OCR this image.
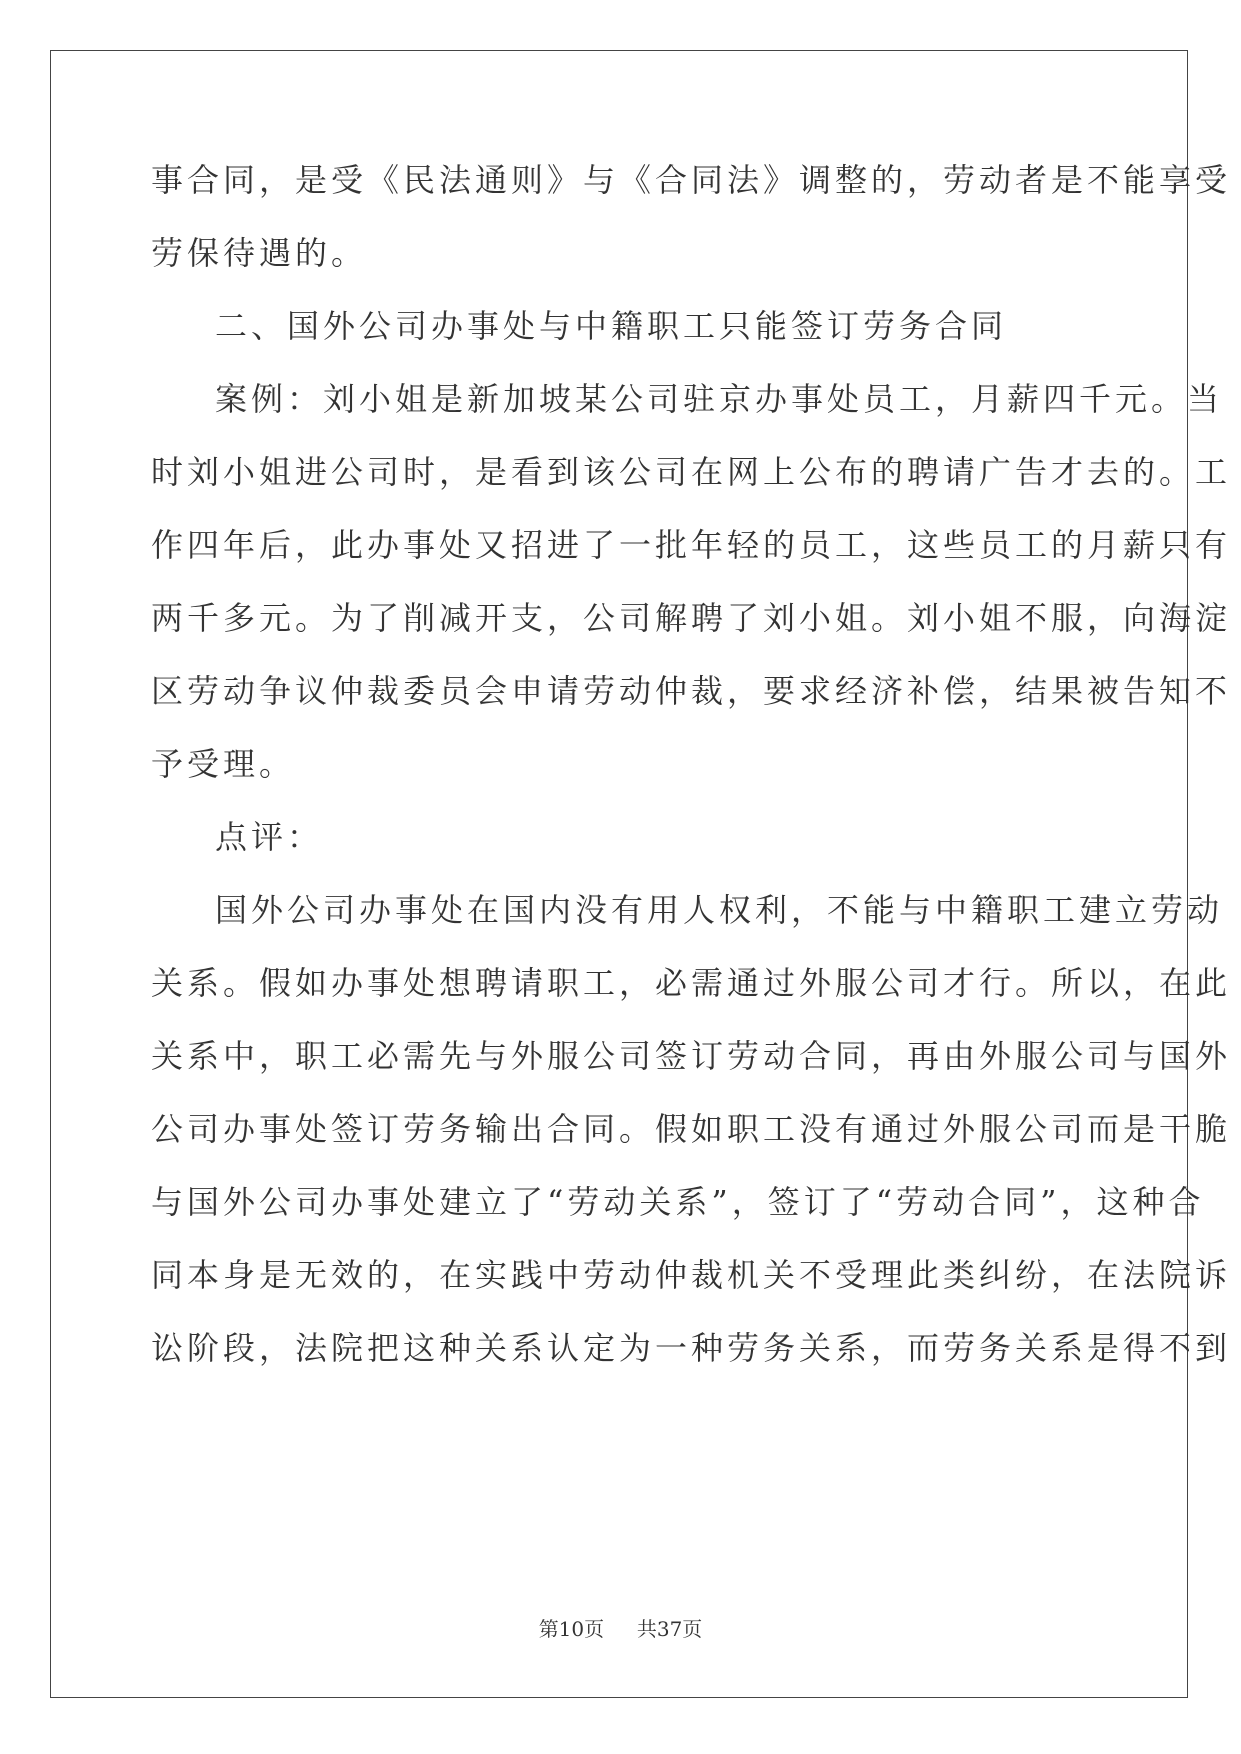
事合同，是受《民法通则》与《合同法》调整的，劳动者是不能享受
劳保待遇的。
二、国外公司办事处与中籍职工只能签订劳务合同
案例：刘小姐是新加坡某公司驻京办事处员工，月薪四千元。当
时刘小姐进公司时，是看到该公司在网上公布的聘请广告才去的。工
作四年后，此办事处又招进了一批年轻的员工，这些员工的月薪只有
两千多元。为了削减开支，公司解聘了刘小姐。刘小姐不服，向海淀
区劳动争议仲裁委员会申请劳动仲裁，要求经济补偿，结果被告知不
予受理。
点评：
国外公司办事处在国内没有用人权利，不能与中籍职工建立劳动
关系。假如办事处想聘请职工，必需通过外服公司才行。所以，在此
关系中，职工必需先与外服公司签订劳动合同，再由外服公司与国外
公司办事处签订劳务输出合同。假如职工没有通过外服公司而是干脆
与国外公司办事处建立了“劳动关系”，签订了“劳动合同”，这种合
同本身是无效的，在实践中劳动仲裁机关不受理此类纠纷，在法院诉
讼阶段，法院把这种关系认定为一种劳务关系，而劳务关系是得不到
第10页 共37页
